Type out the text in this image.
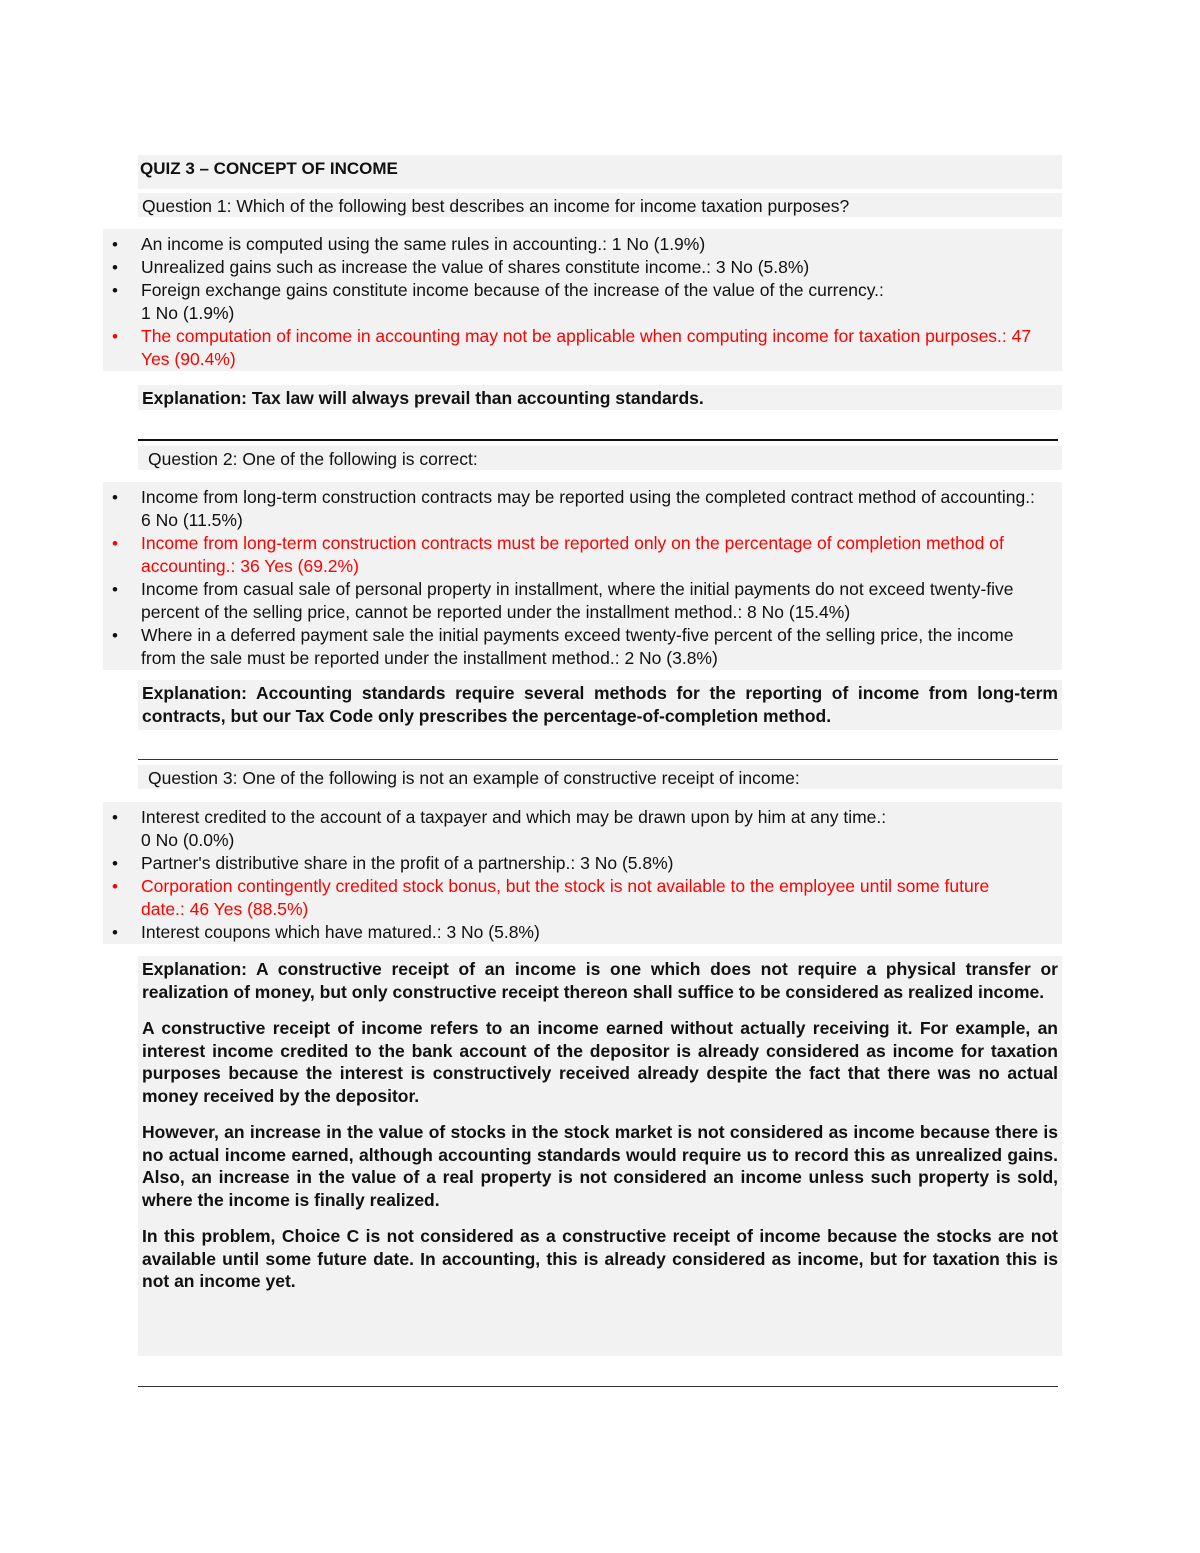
QUIZ 3 – CONCEPT OF INCOME
Question 1: Which of the following best describes an income for income taxation purposes?
• An income is computed using the same rules in accounting.: 1 No (1.9%)
• Unrealized gains such as increase the value of shares constitute income.: 3 No (5.8%)
• Foreign exchange gains constitute income because of the increase of the value of the currency.:
1 No (1.9%)
• The computation of income in accounting may not be applicable when computing income for taxation purposes.: 47 Yes (90.4%)

Explanation: Tax law will always prevail than accounting standards.

Question 2: One of the following is correct:
• Income from long-term construction contracts may be reported using the completed contract method of accounting.: 6 No (11.5%)
• Income from long-term construction contracts must be reported only on the percentage of completion method of accounting.: 36 Yes (69.2%)
• Income from casual sale of personal property in installment, where the initial payments do not exceed twenty-five percent of the selling price, cannot be reported under the installment method.: 8 No (15.4%)
• Where in a deferred payment sale the initial payments exceed twenty-five percent of the selling price, the income from the sale must be reported under the installment method.: 2 No (3.8%)

Explanation: Accounting standards require several methods for the reporting of income from long-term contracts, but our Tax Code only prescribes the percentage-of-completion method.

Question 3: One of the following is not an example of constructive receipt of income:
• Interest credited to the account of a taxpayer and which may be drawn upon by him at any time.:
0 No (0.0%)
• Partner's distributive share in the profit of a partnership.: 3 No (5.8%)
• Corporation contingently credited stock bonus, but the stock is not available to the employee until some future date.: 46 Yes (88.5%)
• Interest coupons which have matured.: 3 No (5.8%)

Explanation: A constructive receipt of an income is one which does not require a physical transfer or realization of money, but only constructive receipt thereon shall suffice to be considered as realized income.

A constructive receipt of income refers to an income earned without actually receiving it. For example, an interest income credited to the bank account of the depositor is already considered as income for taxation purposes because the interest is constructively received already despite the fact that there was no actual money received by the depositor.

However, an increase in the value of stocks in the stock market is not considered as income because there is no actual income earned, although accounting standards would require us to record this as unrealized gains. Also, an increase in the value of a real property is not considered an income unless such property is sold, where the income is finally realized.

In this problem, Choice C is not considered as a constructive receipt of income because the stocks are not available until some future date. In accounting, this is already considered as income, but for taxation this is not an income yet.
